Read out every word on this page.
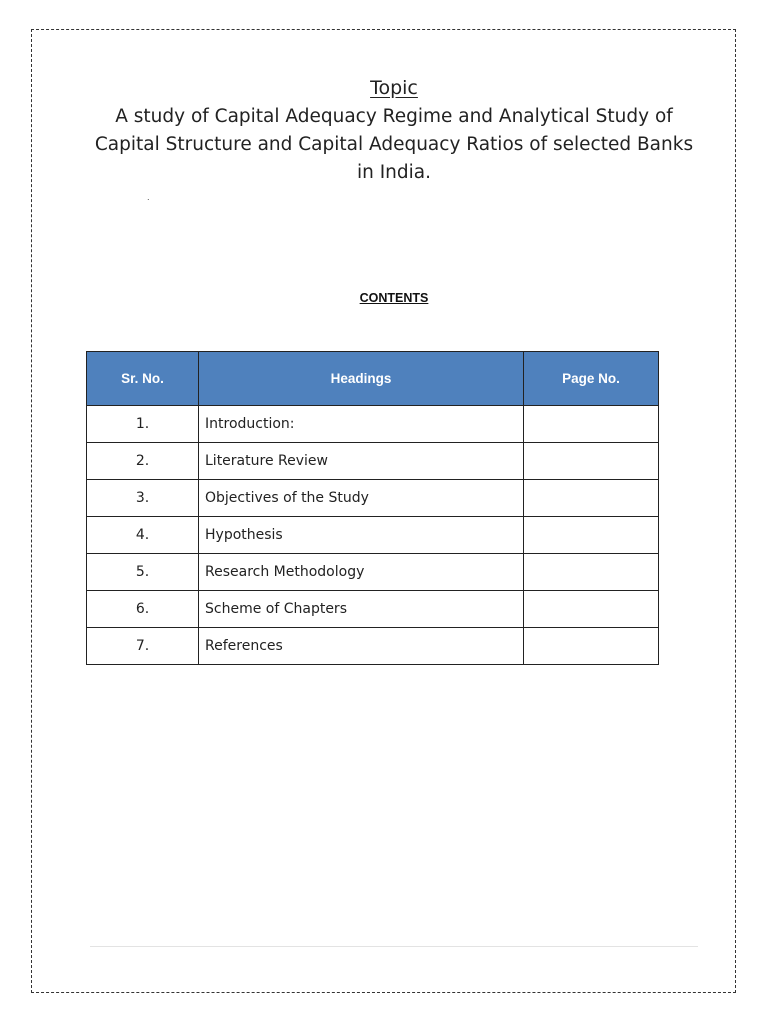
Topic
A study of Capital Adequacy Regime and Analytical Study of Capital Structure and Capital Adequacy Ratios of selected Banks in India.
.
CONTENTS
Sr. No.	Headings	Page No.
1.	Introduction:	
2.	Literature Review	
3.	Objectives of the Study	
4.	Hypothesis	
5.	Research Methodology	
6.	Scheme of Chapters	
7.	References	
